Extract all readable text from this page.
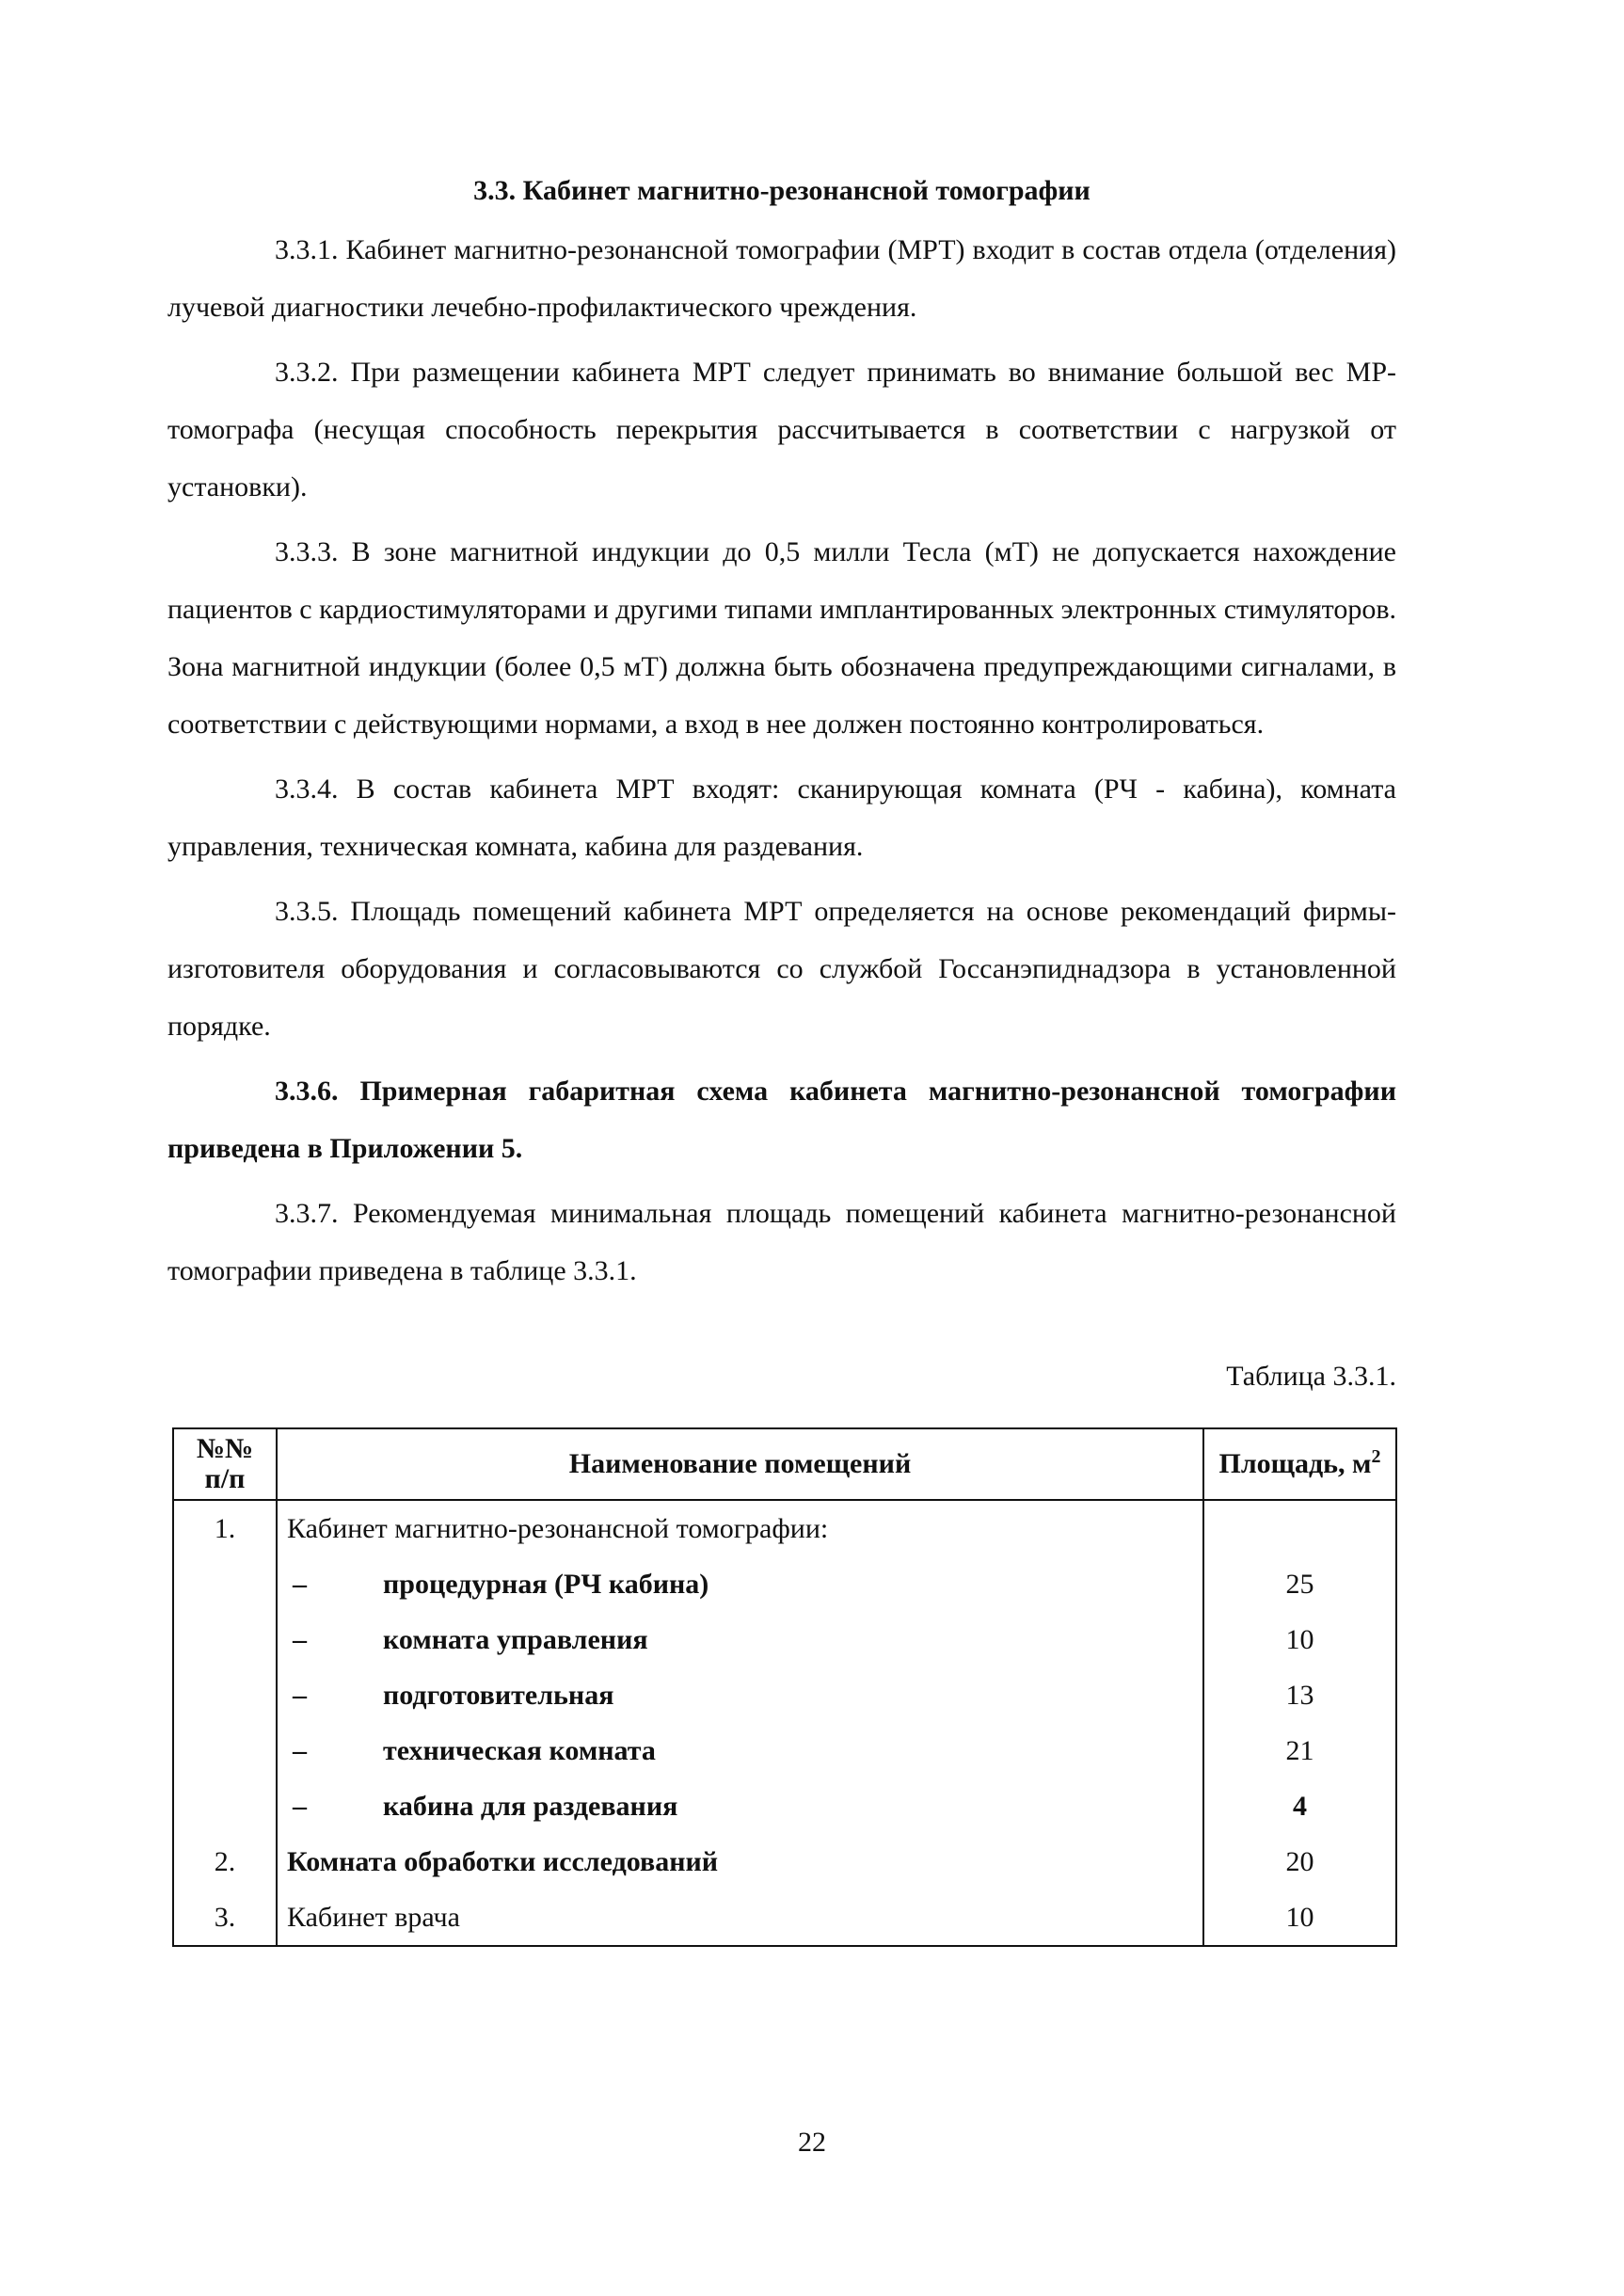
3.3. Кабинет магнитно-резонансной томографии

3.3.1. Кабинет магнитно-резонансной томографии (МРТ) входит в состав отдела (отделения) лучевой диагностики лечебно-профилактического чреждения.

3.3.2. При размещении кабинета МРТ следует принимать во внимание большой вес МР-томографа (несущая способность перекрытия рассчитывается в соответствии с нагрузкой от установки).

3.3.3. В зоне магнитной индукции до 0,5 милли Тесла (мТ) не допускается нахождение пациентов с кардиостимуляторами и другими типами имплантированных электронных стимуляторов. Зона магнитной индукции (более 0,5 мТ) должна быть обозначена предупреждающими сигналами, в соответствии с действующими нормами, а вход в нее должен постоянно контролироваться.

3.3.4. В состав кабинета МРТ входят: сканирующая комната (РЧ - кабина), комната управления, техническая комната, кабина для раздевания.

3.3.5. Площадь помещений кабинета МРТ определяется на основе рекомендаций фирмы-изготовителя оборудования и согласовываются со службой Госсанэпиднадзора в установленной порядке.

3.3.6. Примерная габаритная схема кабинета магнитно-резонансной томографии приведена в Приложении 5.

3.3.7. Рекомендуемая минимальная площадь помещений кабинета магнитно-резонансной томографии приведена в таблице 3.3.1.

Таблица 3.3.1.
№№
п/п	Наименование помещений	Площадь, $м^2$
1.	Кабинет магнитно-резонансной томографии:	
	– процедурная (РЧ кабина)	25
	– комната управления	10
	– подготовительная	13
	– техническая комната	21
	– кабина для раздевания	4
2.	Комната обработки исследований	20
3.	Кабинет врача	10
22
